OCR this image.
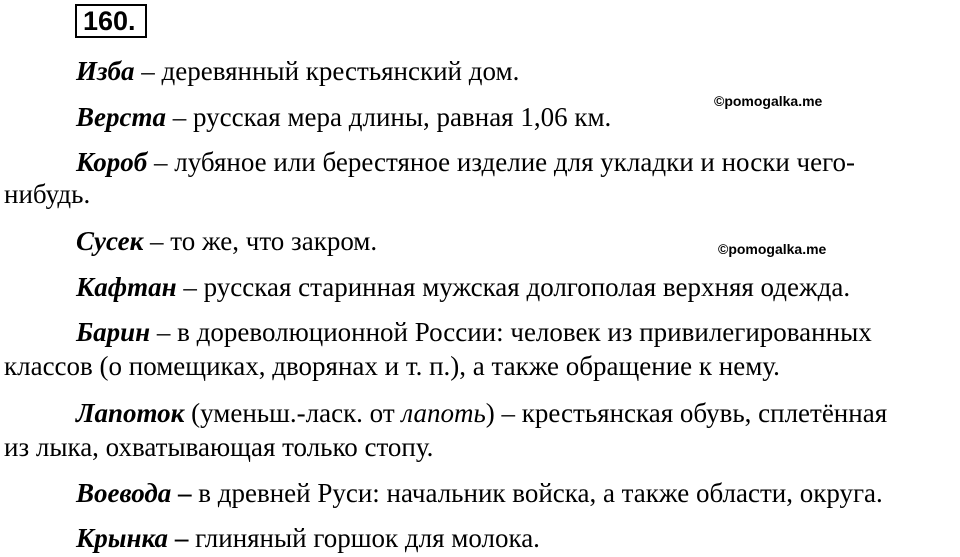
160.
©pomogalka.me
©pomogalka.me
Изба – деревянный крестьянский дом.
Верста – русская мера длины, равная 1,06 км.
Короб – лубяное или берестяное изделие для укладки и носки чего-
нибудь.
Сусек – то же, что закром.
Кафтан – русская старинная мужская долгополая верхняя одежда.
Барин – в дореволюционной России: человек из привилегированных
классов (о помещиках, дворянах и т. п.), а также обращение к нему.
Лапоток (уменьш.-ласк. от лапоть) – крестьянская обувь, сплетённая
из лыка, охватывающая только стопу.
Воевода – в древней Руси: начальник войска, а также области, округа.
Крынка – глиняный горшок для молока.
